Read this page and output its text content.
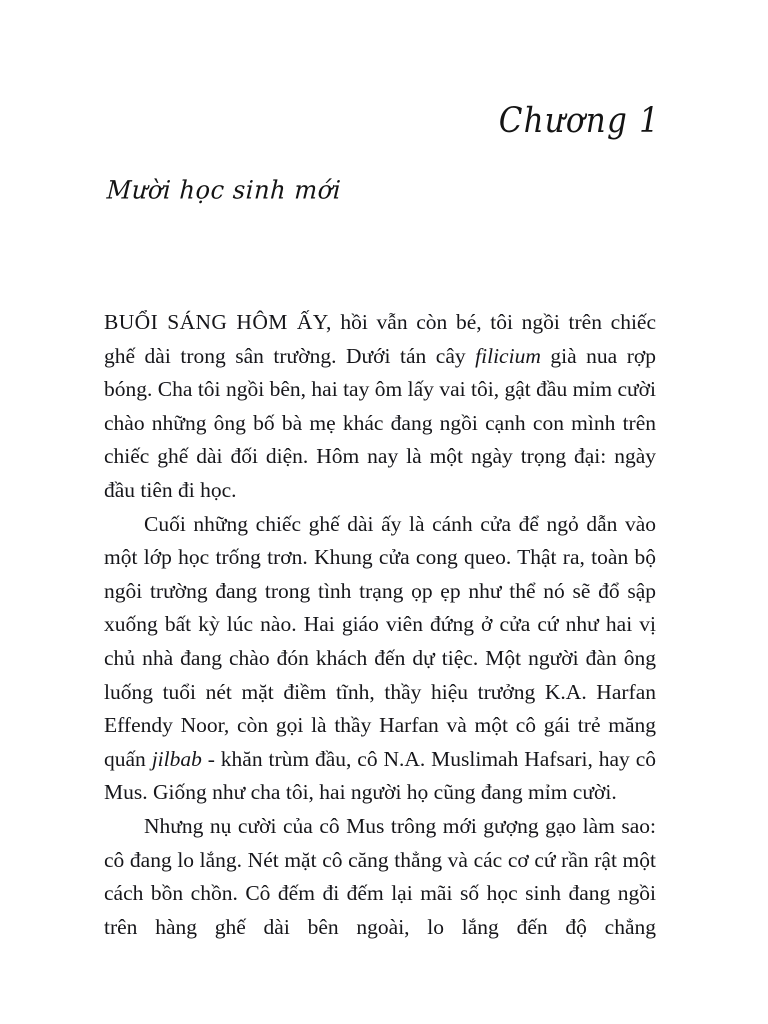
Chương 1
Mười học sinh mới

BUỔI SÁNG HÔM ẤY, hồi vẫn còn bé, tôi ngồi trên chiếc ghế dài trong sân trường. Dưới tán cây filicium già nua rợp bóng. Cha tôi ngồi bên, hai tay ôm lấy vai tôi, gật đầu mỉm cười chào những ông bố bà mẹ khác đang ngồi cạnh con mình trên chiếc ghế dài đối diện. Hôm nay là một ngày trọng đại: ngày đầu tiên đi học.

Cuối những chiếc ghế dài ấy là cánh cửa để ngỏ dẫn vào một lớp học trống trơn. Khung cửa cong queo. Thật ra, toàn bộ ngôi trường đang trong tình trạng ọp ẹp như thể nó sẽ đổ sập xuống bất kỳ lúc nào. Hai giáo viên đứng ở cửa cứ như hai vị chủ nhà đang chào đón khách đến dự tiệc. Một người đàn ông luống tuổi nét mặt điềm tĩnh, thầy hiệu trưởng K.A. Harfan Effendy Noor, còn gọi là thầy Harfan và một cô gái trẻ măng quấn jilbab - khăn trùm đầu, cô N.A. Muslimah Hafsari, hay cô Mus. Giống như cha tôi, hai người họ cũng đang mỉm cười.

Nhưng nụ cười của cô Mus trông mới gượng gạo làm sao: cô đang lo lắng. Nét mặt cô căng thẳng và các cơ cứ rần rật một cách bồn chồn. Cô đếm đi đếm lại mãi số học sinh đang ngồi trên hàng ghế dài bên ngoài, lo lắng đến độ chẳng
